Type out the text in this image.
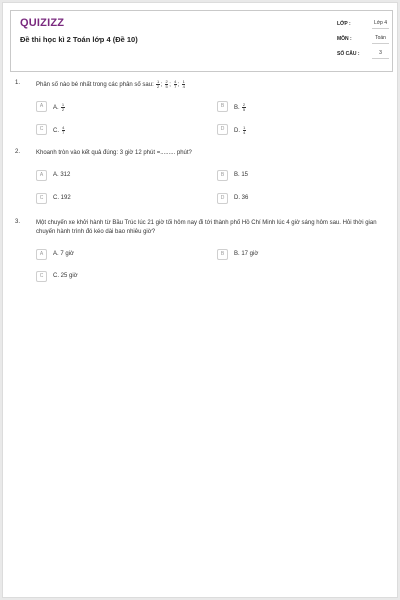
QUIZIZZ
Đề thi học kì 2 Toán lớp 4 (Đề 10)
LỚP :	Lớp 4
MÔN :	Toán
SỐ CÂU :	3
1.	Phân số nào bé nhất trong các phân số sau: $\frac{1}{2}$ ; $\frac{2}{5}$ ; $\frac{4}{7}$ ; $\frac{1}{4}$
A	A. $\frac{1}{2}$	B	B. $\frac{2}{5}$
C	C. $\frac{4}{7}$	D	D. $\frac{1}{4}$
2.	Khoanh tròn vào kết quả đúng: 3 giờ 12 phút =......... phút?
A	A. 312	B	B. 15
C	C. 192	D	D. 36
3.	Một chuyến xe khởi hành từ Bầu Trúc lúc 21 giờ tối hôm nay đi tới thành phố Hồ Chí Minh lúc 4 giờ sáng hôm sau. Hỏi thời gian chuyến hành trình đó kéo dài bao nhiêu giờ?
A	A. 7 giờ	B	B. 17 giờ
C	C. 25 giờ
